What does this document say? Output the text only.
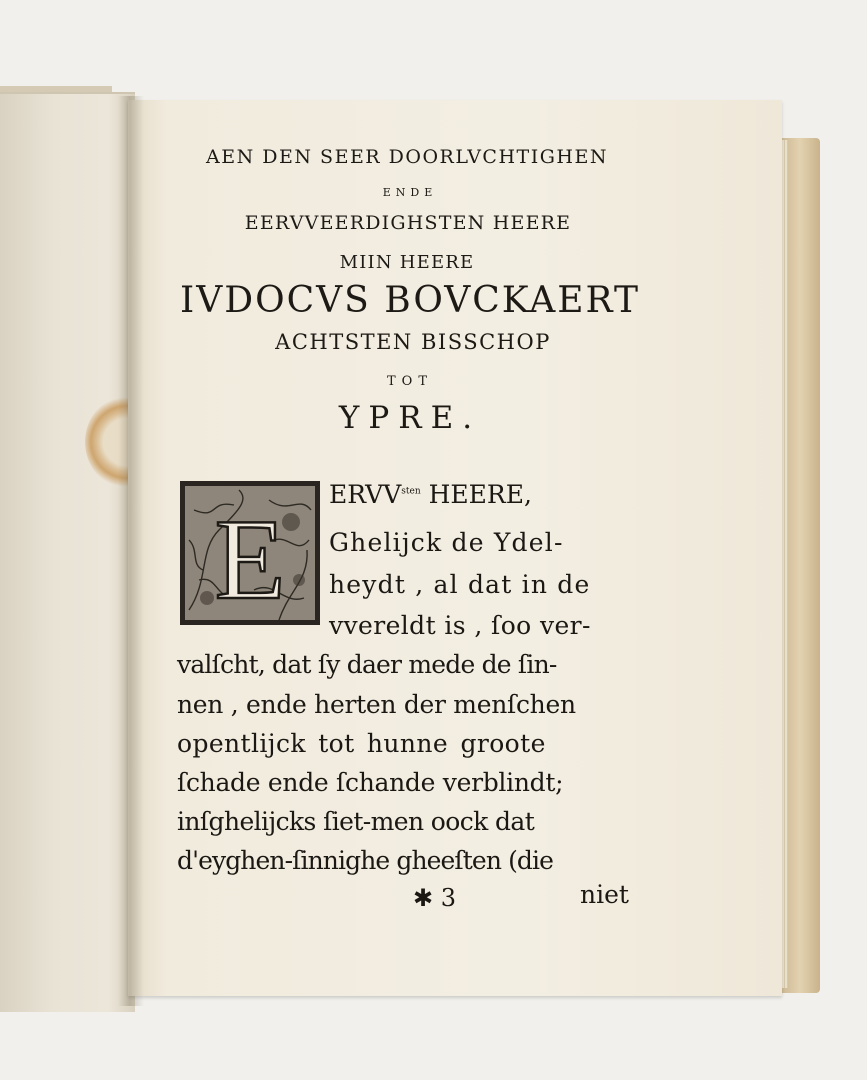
AEN DEN SEER DOORLVCHTIGHEN
ENDE
EERVVEERDIGHSTEN HEERE
MIIN HEERE
IVDOCVS BOVCKAERT
ACHTSTEN BISSCHOP
TOT
YPRE.
E
$ERVV^{sten}$ HEERE,
Ghelijck de Ydel-
heydt , al dat in de
vvereldt is , ſoo ver-
valſcht, dat ſy daer mede de ſin-
nen , ende herten der menſchen
opentlijck tot hunne groote
ſchade ende ſchande verblindt;
inſghelijcks ſiet-men oock dat
d'eyghen-ſinnighe gheeſten (die
✱ 3	niet
